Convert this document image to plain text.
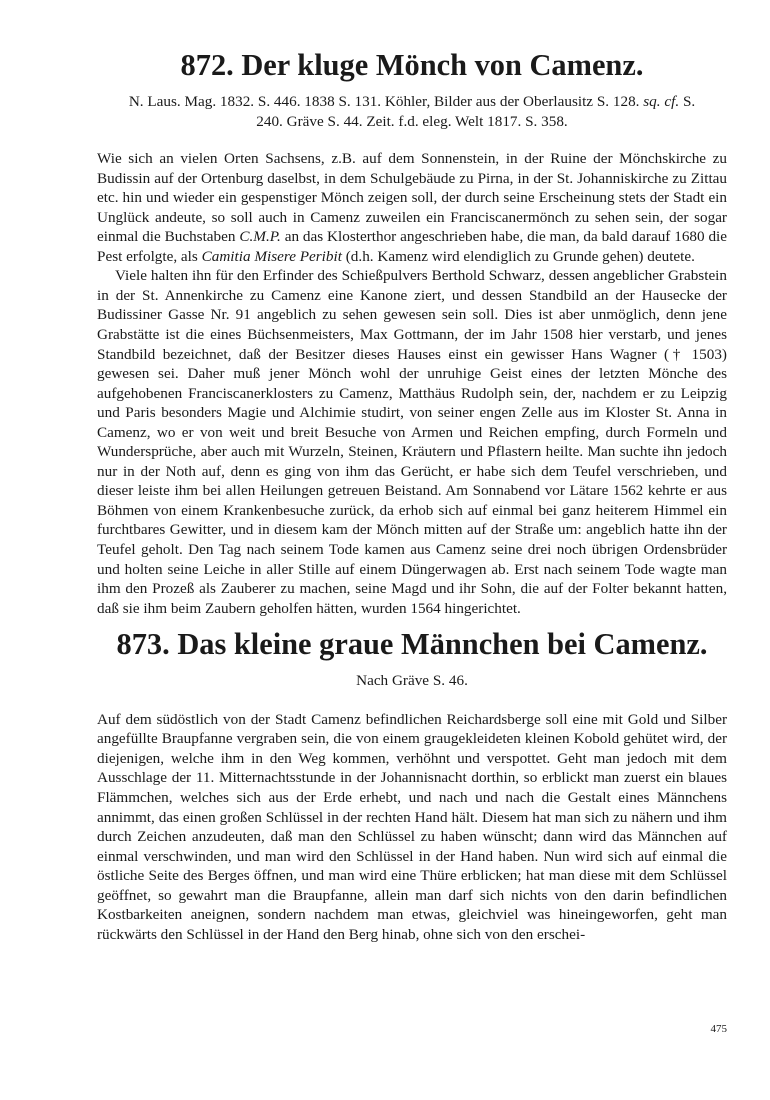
872. Der kluge Mönch von Camenz.
N. Laus. Mag. 1832. S. 446. 1838 S. 131. Köhler, Bilder aus der Oberlausitz S. 128. sq. cf. S. 240. Gräve S. 44. Zeit. f.d. eleg. Welt 1817. S. 358.

Wie sich an vielen Orten Sachsens, z.B. auf dem Sonnenstein, in der Ruine der Mönchskirche zu Budissin auf der Ortenburg daselbst, in dem Schulgebäude zu Pirna, in der St. Johanniskirche zu Zittau etc. hin und wieder ein gespenstiger Mönch zeigen soll, der durch seine Erscheinung stets der Stadt ein Unglück andeute, so soll auch in Camenz zuweilen ein Franciscanermönch zu sehen sein, der sogar einmal die Buchstaben C.M.P. an das Klosterthor angeschrieben habe, die man, da bald darauf 1680 die Pest erfolgte, als Camitia Misere Peribit (d.h. Kamenz wird elendiglich zu Grunde gehen) deutete.

Viele halten ihn für den Erfinder des Schießpulvers Berthold Schwarz, dessen angeblicher Grabstein in der St. Annenkirche zu Camenz eine Kanone ziert, und dessen Standbild an der Hausecke der Budissiner Gasse Nr. 91 angeblich zu sehen gewesen sein soll. Dies ist aber unmöglich, denn jene Grabstätte ist die eines Büchsenmeisters, Max Gottmann, der im Jahr 1508 hier verstarb, und jenes Standbild bezeichnet, daß der Besitzer dieses Hauses einst ein gewisser Hans Wagner († 1503) gewesen sei. Daher muß jener Mönch wohl der unruhige Geist eines der letzten Mönche des aufgehobenen Franciscanerklosters zu Camenz, Matthäus Rudolph sein, der, nachdem er zu Leipzig und Paris besonders Magie und Alchimie studirt, von seiner engen Zelle aus im Kloster St. Anna in Camenz, wo er von weit und breit Besuche von Armen und Reichen empfing, durch Formeln und Wundersprüche, aber auch mit Wurzeln, Steinen, Kräutern und Pflastern heilte. Man suchte ihn jedoch nur in der Noth auf, denn es ging von ihm das Gerücht, er habe sich dem Teufel verschrieben, und dieser leiste ihm bei allen Heilungen getreuen Beistand. Am Sonnabend vor Lätare 1562 kehrte er aus Böhmen von einem Krankenbesuche zurück, da erhob sich auf einmal bei ganz heiterem Himmel ein furchtbares Gewitter, und in diesem kam der Mönch mitten auf der Straße um: angeblich hatte ihn der Teufel geholt. Den Tag nach seinem Tode kamen aus Camenz seine drei noch übrigen Ordensbrüder und holten seine Leiche in aller Stille auf einem Düngerwagen ab. Erst nach seinem Tode wagte man ihm den Prozeß als Zauberer zu machen, seine Magd und ihr Sohn, die auf der Folter bekannt hatten, daß sie ihm beim Zaubern geholfen hätten, wurden 1564 hingerichtet.

873. Das kleine graue Männchen bei Camenz.
Nach Gräve S. 46.

Auf dem südöstlich von der Stadt Camenz befindlichen Reichardsberge soll eine mit Gold und Silber angefüllte Braupfanne vergraben sein, die von einem graugekleideten kleinen Kobold gehütet wird, der diejenigen, welche ihm in den Weg kommen, verhöhnt und verspottet. Geht man jedoch mit dem Ausschlage der 11. Mitternachtsstunde in der Johannisnacht dorthin, so erblickt man zuerst ein blaues Flämmchen, welches sich aus der Erde erhebt, und nach und nach die Gestalt eines Männchens annimmt, das einen großen Schlüssel in der rechten Hand hält. Diesem hat man sich zu nähern und ihm durch Zeichen anzudeuten, daß man den Schlüssel zu haben wünscht; dann wird das Männchen auf einmal verschwinden, und man wird den Schlüssel in der Hand haben. Nun wird sich auf einmal die östliche Seite des Berges öffnen, und man wird eine Thüre erblicken; hat man diese mit dem Schlüssel geöffnet, so gewahrt man die Braupfanne, allein man darf sich nichts von den darin befindlichen Kostbarkeiten aneignen, sondern nachdem man etwas, gleichviel was hineingeworfen, geht man rückwärts den Schlüssel in der Hand den Berg hinab, ohne sich von den erschei-

475
